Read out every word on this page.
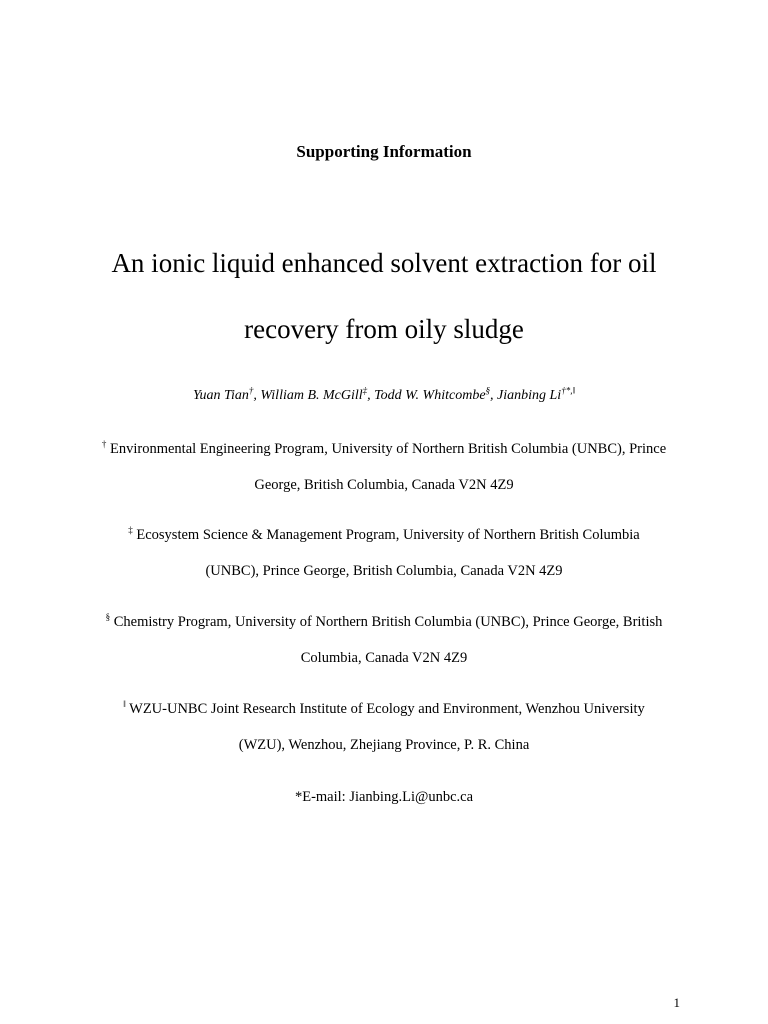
Supporting Information
An ionic liquid enhanced solvent extraction for oil
recovery from oily sludge
Yuan Tian†, William B. McGill‡, Todd W. Whitcombe§, Jianbing Li†*,‖
† Environmental Engineering Program, University of Northern British Columbia (UNBC), Prince
George, British Columbia, Canada V2N 4Z9
‡ Ecosystem Science & Management Program, University of Northern British Columbia
(UNBC), Prince George, British Columbia, Canada V2N 4Z9
§ Chemistry Program, University of Northern British Columbia (UNBC), Prince George, British
Columbia, Canada V2N 4Z9
‖ WZU-UNBC Joint Research Institute of Ecology and Environment, Wenzhou University
(WZU), Wenzhou, Zhejiang Province, P. R. China
*E-mail: Jianbing.Li@unbc.ca
1
